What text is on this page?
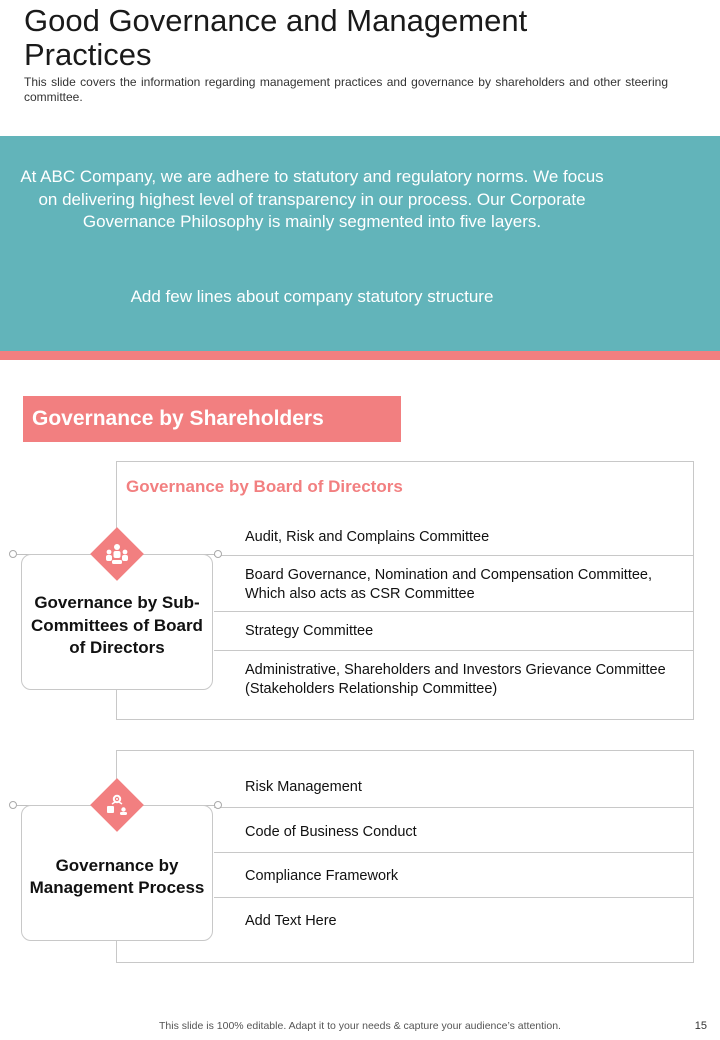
Good Governance and Management Practices

This slide covers the information regarding management practices and governance by shareholders and other steering committee.

At ABC Company, we are adhere to statutory and regulatory norms. We focus on delivering highest level of transparency in our process. Our Corporate Governance Philosophy is mainly segmented into five layers.

Add few lines about company statutory structure

Governance by Shareholders
Governance by Board of Directors
Audit, Risk and Complains Committee
Board Governance, Nomination and Compensation Committee, Which also acts as CSR Committee
Strategy Committee
Administrative, Shareholders and Investors Grievance Committee (Stakeholders Relationship Committee)
Governance by Sub- Committees of Board of Directors
Risk Management
Code of Business Conduct
Compliance Framework
Add Text Here
Governance by Management Process
This slide is 100% editable. Adapt it to your needs & capture your audience’s attention.	15
